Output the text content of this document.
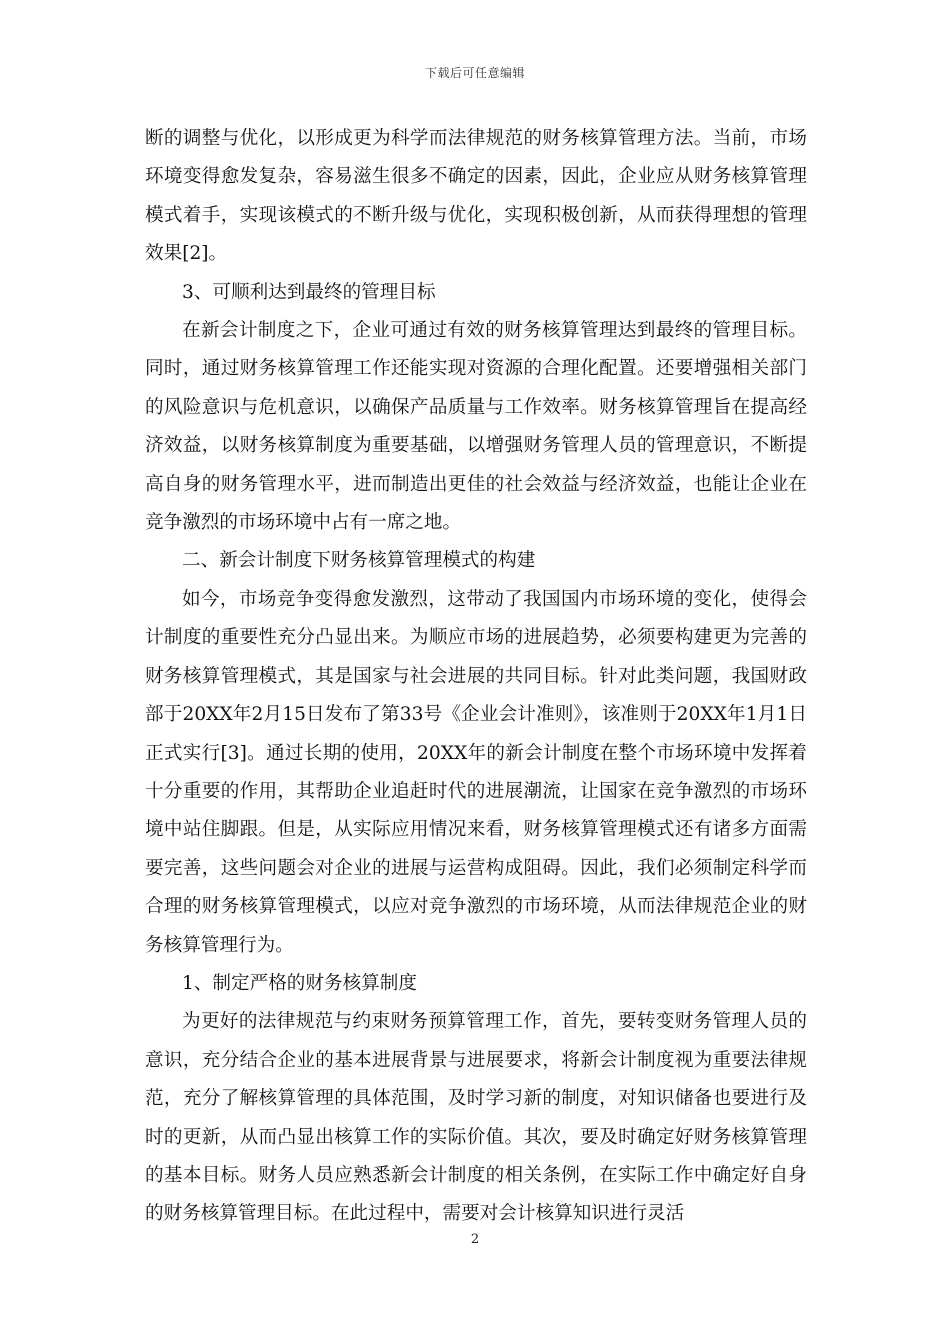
下载后可任意编辑

断的调整与优化，以形成更为科学而法律规范的财务核算管理方法。当前，市场环境变得愈发复杂，容易滋生很多不确定的因素，因此，企业应从财务核算管理模式着手，实现该模式的不断升级与优化，实现积极创新，从而获得理想的管理效果[2]。

3、可顺利达到最终的管理目标

在新会计制度之下，企业可通过有效的财务核算管理达到最终的管理目标。同时，通过财务核算管理工作还能实现对资源的合理化配置。还要增强相关部门的风险意识与危机意识，以确保产品质量与工作效率。财务核算管理旨在提高经济效益，以财务核算制度为重要基础，以增强财务管理人员的管理意识，不断提高自身的财务管理水平，进而制造出更佳的社会效益与经济效益，也能让企业在竞争激烈的市场环境中占有一席之地。

二、新会计制度下财务核算管理模式的构建

如今，市场竞争变得愈发激烈，这带动了我国国内市场环境的变化，使得会计制度的重要性充分凸显出来。为顺应市场的进展趋势，必须要构建更为完善的财务核算管理模式，其是国家与社会进展的共同目标。针对此类问题，我国财政部于20XX年2月15日发布了第33号《企业会计准则》，该准则于20XX年1月1日正式实行[3]。通过长期的使用，20XX年的新会计制度在整个市场环境中发挥着十分重要的作用，其帮助企业追赶时代的进展潮流，让国家在竞争激烈的市场环境中站住脚跟。但是，从实际应用情况来看，财务核算管理模式还有诸多方面需要完善，这些问题会对企业的进展与运营构成阻碍。因此，我们必须制定科学而合理的财务核算管理模式，以应对竞争激烈的市场环境，从而法律规范企业的财务核算管理行为。

1、制定严格的财务核算制度

为更好的法律规范与约束财务预算管理工作，首先，要转变财务管理人员的意识，充分结合企业的基本进展背景与进展要求，将新会计制度视为重要法律规范，充分了解核算管理的具体范围，及时学习新的制度，对知识储备也要进行及时的更新，从而凸显出核算工作的实际价值。其次，要及时确定好财务核算管理的基本目标。财务人员应熟悉新会计制度的相关条例，在实际工作中确定好自身的财务核算管理目标。在此过程中，需要对会计核算知识进行灵活

2
